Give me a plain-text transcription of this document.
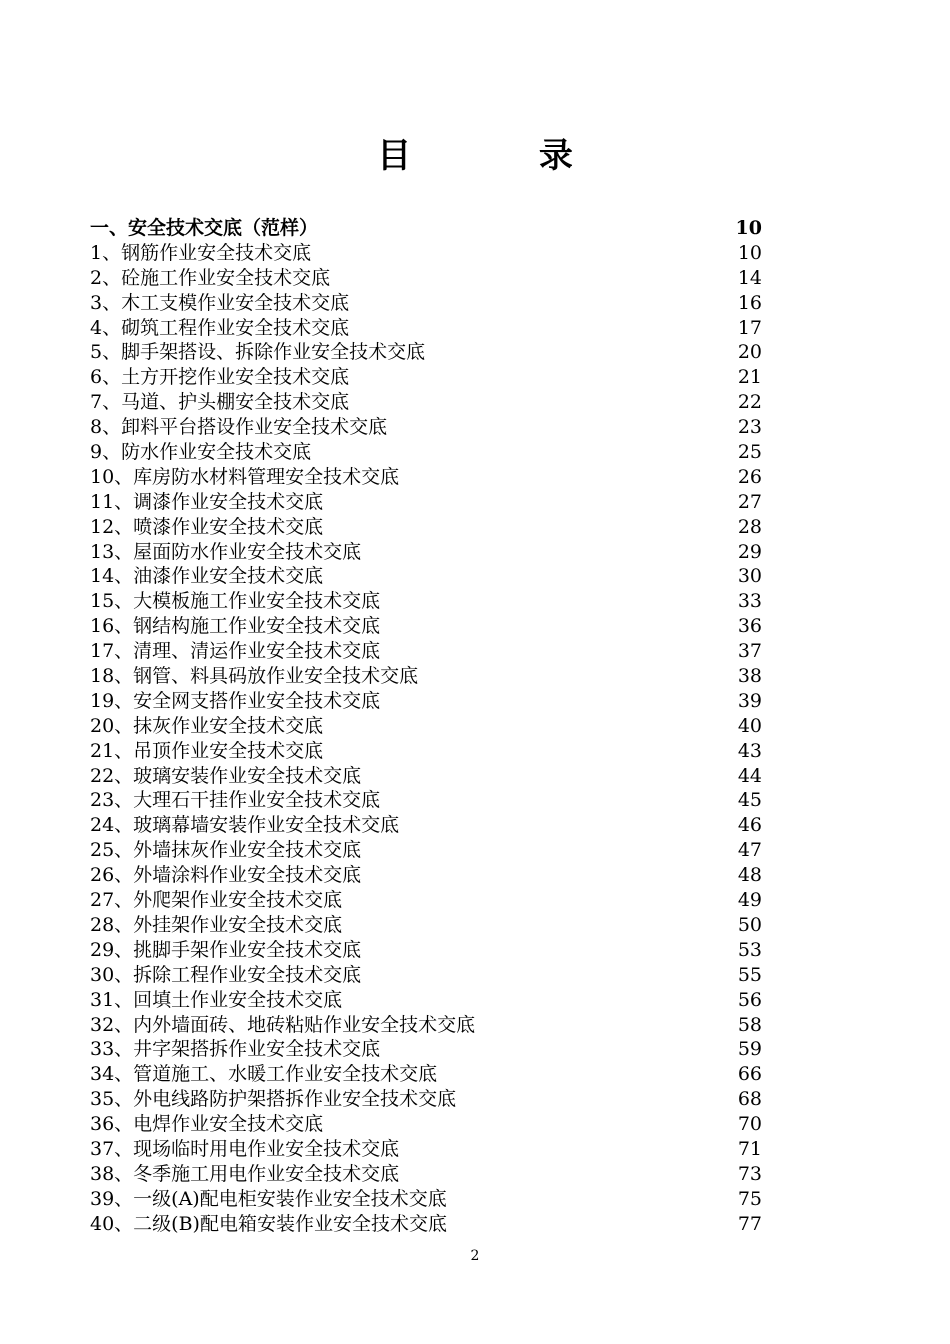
目 录
一、安全技术交底（范样）	10
1、钢筋作业安全技术交底	10
2、砼施工作业安全技术交底	14
3、木工支模作业安全技术交底	16
4、砌筑工程作业安全技术交底	17
5、脚手架搭设、拆除作业安全技术交底	20
6、土方开挖作业安全技术交底	21
7、马道、护头棚安全技术交底	22
8、卸料平台搭设作业安全技术交底	23
9、防水作业安全技术交底	25
10、库房防水材料管理安全技术交底	26
11、调漆作业安全技术交底	27
12、喷漆作业安全技术交底	28
13、屋面防水作业安全技术交底	29
14、油漆作业安全技术交底	30
15、大模板施工作业安全技术交底	33
16、钢结构施工作业安全技术交底	36
17、清理、清运作业安全技术交底	37
18、钢管、料具码放作业安全技术交底	38
19、安全网支搭作业安全技术交底	39
20、抹灰作业安全技术交底	40
21、吊顶作业安全技术交底	43
22、玻璃安装作业安全技术交底	44
23、大理石干挂作业安全技术交底	45
24、玻璃幕墙安装作业安全技术交底	46
25、外墙抹灰作业安全技术交底	47
26、外墙涂料作业安全技术交底	48
27、外爬架作业安全技术交底	49
28、外挂架作业安全技术交底	50
29、挑脚手架作业安全技术交底	53
30、拆除工程作业安全技术交底	55
31、回填土作业安全技术交底	56
32、内外墙面砖、地砖粘贴作业安全技术交底	58
33、井字架搭拆作业安全技术交底	59
34、管道施工、水暖工作业安全技术交底	66
35、外电线路防护架搭拆作业安全技术交底	68
36、电焊作业安全技术交底	70
37、现场临时用电作业安全技术交底	71
38、冬季施工用电作业安全技术交底	73
39、一级(A)配电柜安装作业安全技术交底	75
40、二级(B)配电箱安装作业安全技术交底	77
2
